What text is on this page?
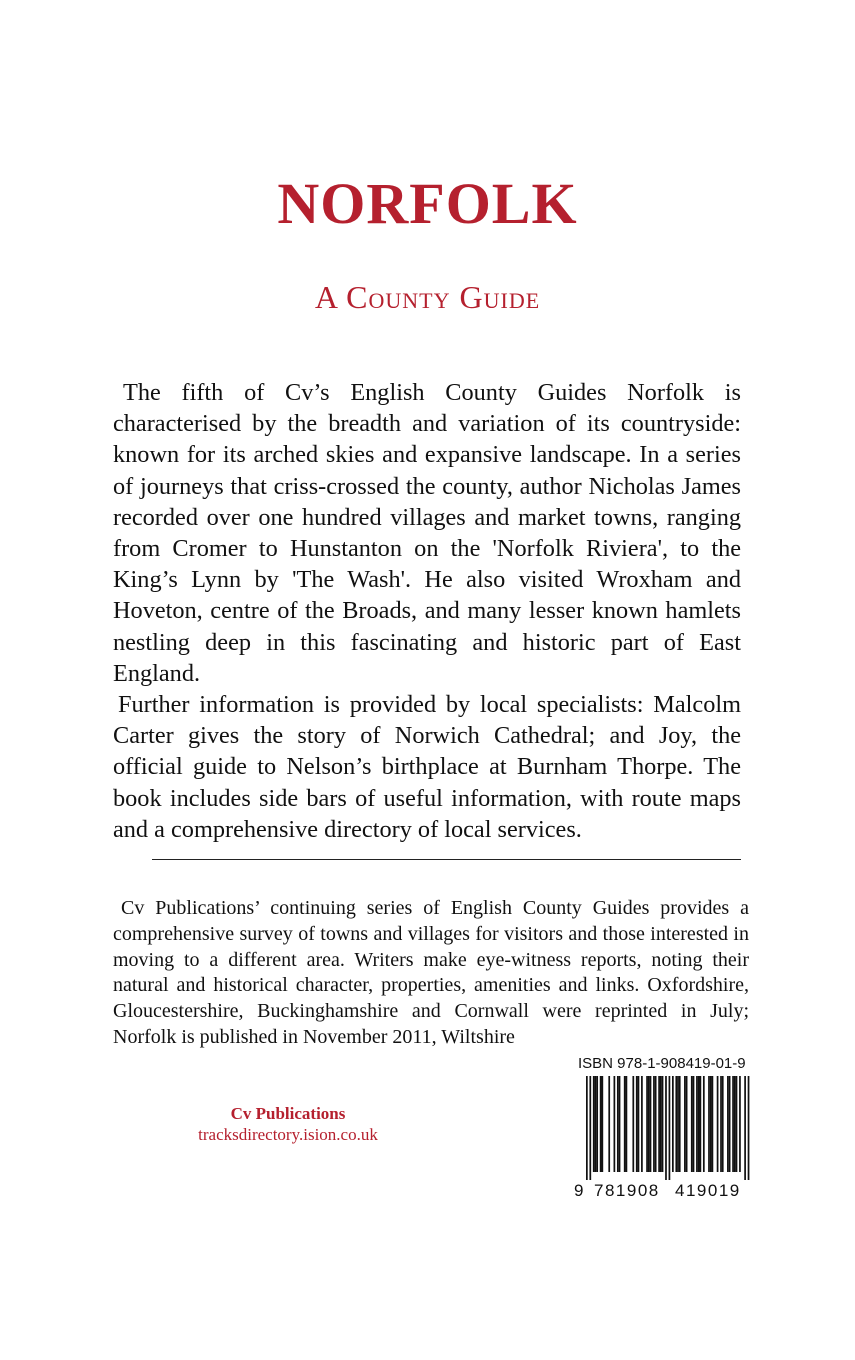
NORFOLK
A County Guide

The fifth of Cv’s English County Guides Norfolk is characterised by the breadth and variation of its countryside: known for its arched skies and expansive landscape. In a series of journeys that criss-crossed the county, author Nicholas James recorded over one hundred villages and market towns, ranging from Cromer to Hunstanton on the 'Norfolk Riviera', to the King’s Lynn by 'The Wash'. He also visited Wroxham and Hoveton, centre of the Broads, and many lesser known hamlets nestling deep in this fascinating and historic part of East England.

Further information is provided by local specialists: Malcolm Carter gives the story of Norwich Cathedral; and Joy, the official guide to Nelson’s birthplace at Burnham Thorpe. The book includes side bars of useful information, with route maps and a comprehensive directory of local services.

Cv Publications’ continuing series of English County Guides provides a comprehensive survey of towns and villages for visitors and those interested in moving to a different area. Writers make eye-witness reports, noting their natural and historical character, properties, amenities and links. Oxfordshire, Gloucestershire, Buckinghamshire and Cornwall were reprinted in July; Norfolk is published in November 2011, Wiltshire

Cv Publications
tracksdirectory.ision.co.uk
ISBN 978-1-908419-01-9
9 781908 419019
